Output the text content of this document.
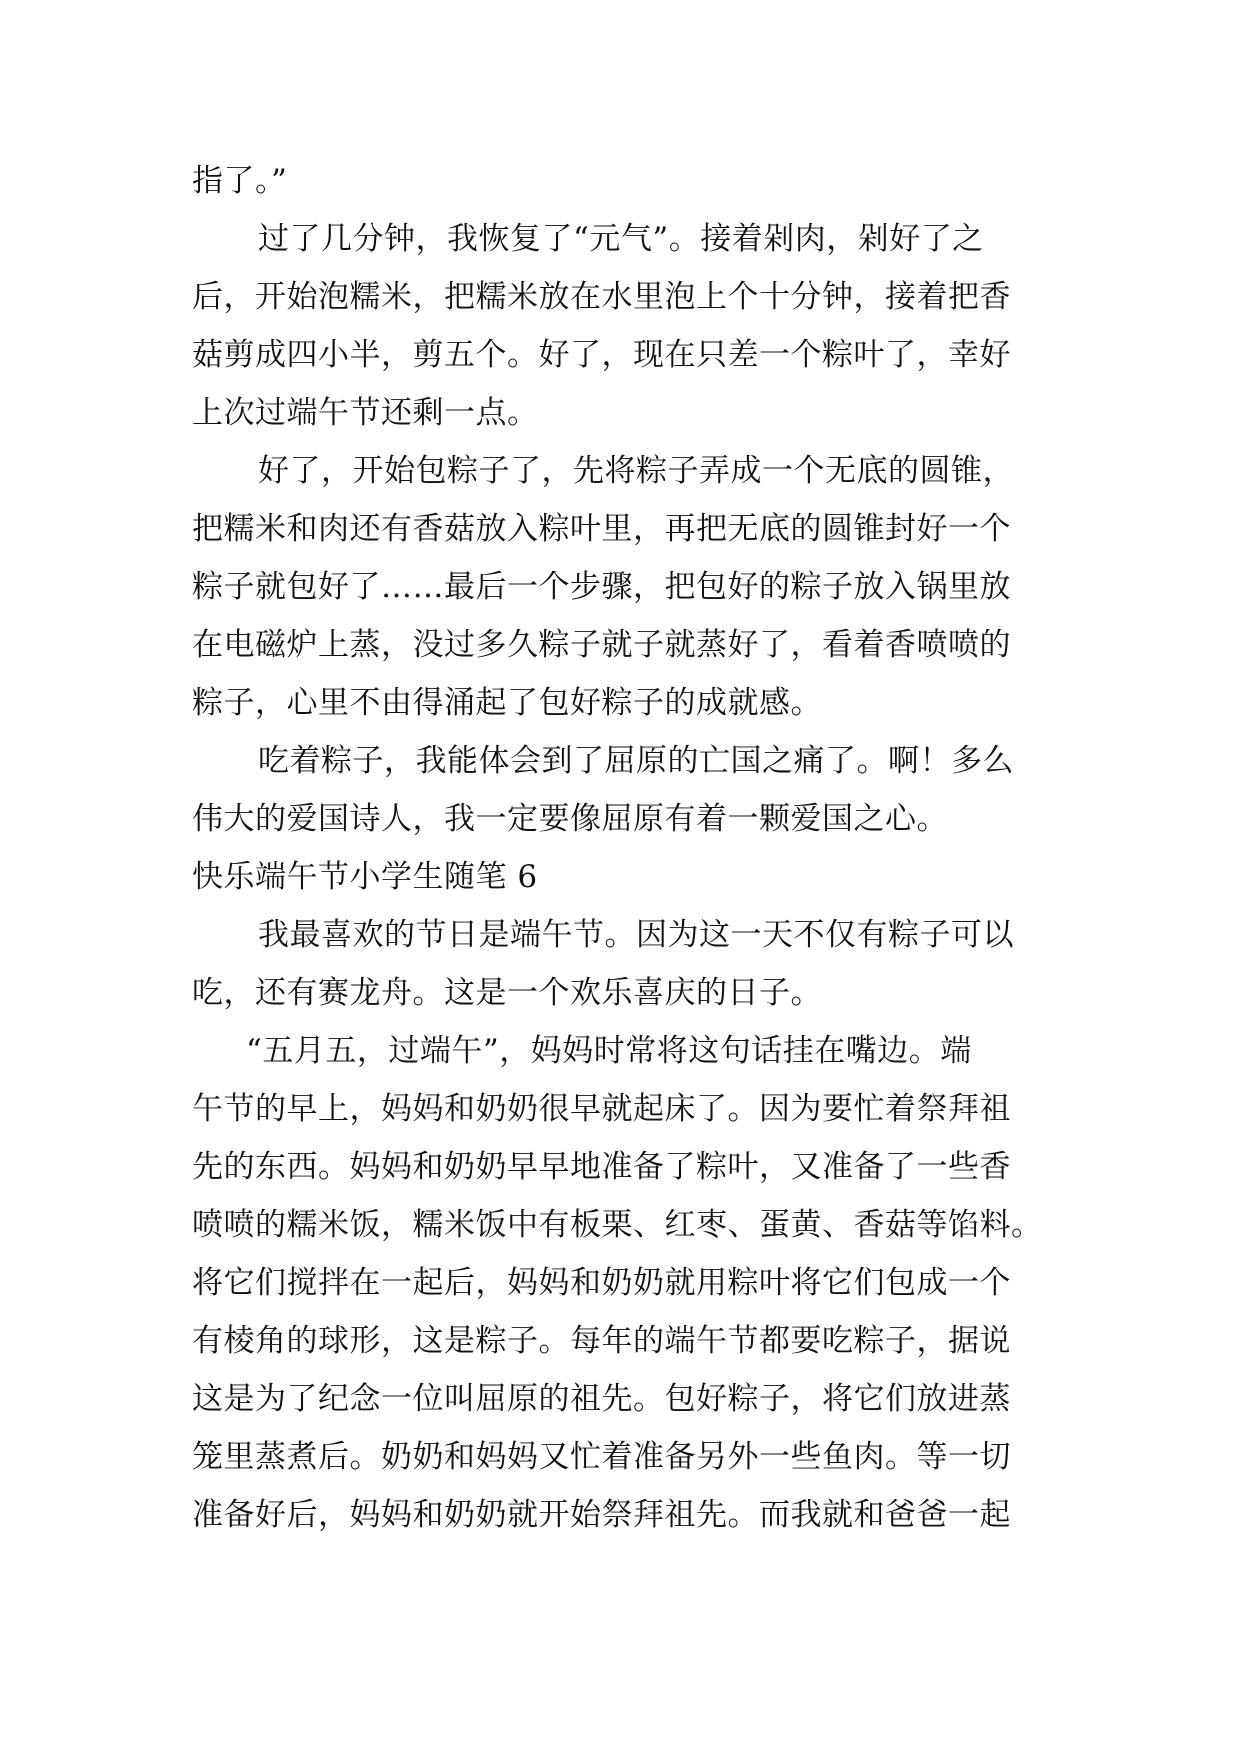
指了。”
过了几分钟，我恢复了“元气”。接着剁肉，剁好了之
后，开始泡糯米，把糯米放在水里泡上个十分钟，接着把香
菇剪成四小半，剪五个。好了，现在只差一个粽叶了，幸好
上次过端午节还剩一点。
好了，开始包粽子了，先将粽子弄成一个无底的圆锥，
把糯米和肉还有香菇放入粽叶里，再把无底的圆锥封好一个
粽子就包好了……最后一个步骤，把包好的粽子放入锅里放
在电磁炉上蒸，没过多久粽子就子就蒸好了，看着香喷喷的
粽子，心里不由得涌起了包好粽子的成就感。
吃着粽子，我能体会到了屈原的亡国之痛了。啊！多么
伟大的爱国诗人，我一定要像屈原有着一颗爱国之心。
快乐端午节小学生随笔 6
我最喜欢的节日是端午节。因为这一天不仅有粽子可以
吃，还有赛龙舟。这是一个欢乐喜庆的日子。
“五月五，过端午”，妈妈时常将这句话挂在嘴边。端
午节的早上，妈妈和奶奶很早就起床了。因为要忙着祭拜祖
先的东西。妈妈和奶奶早早地准备了粽叶，又准备了一些香
喷喷的糯米饭，糯米饭中有板栗、红枣、蛋黄、香菇等馅料。
将它们搅拌在一起后，妈妈和奶奶就用粽叶将它们包成一个
有棱角的球形，这是粽子。每年的端午节都要吃粽子，据说
这是为了纪念一位叫屈原的祖先。包好粽子，将它们放进蒸
笼里蒸煮后。奶奶和妈妈又忙着准备另外一些鱼肉。等一切
准备好后，妈妈和奶奶就开始祭拜祖先。而我就和爸爸一起
